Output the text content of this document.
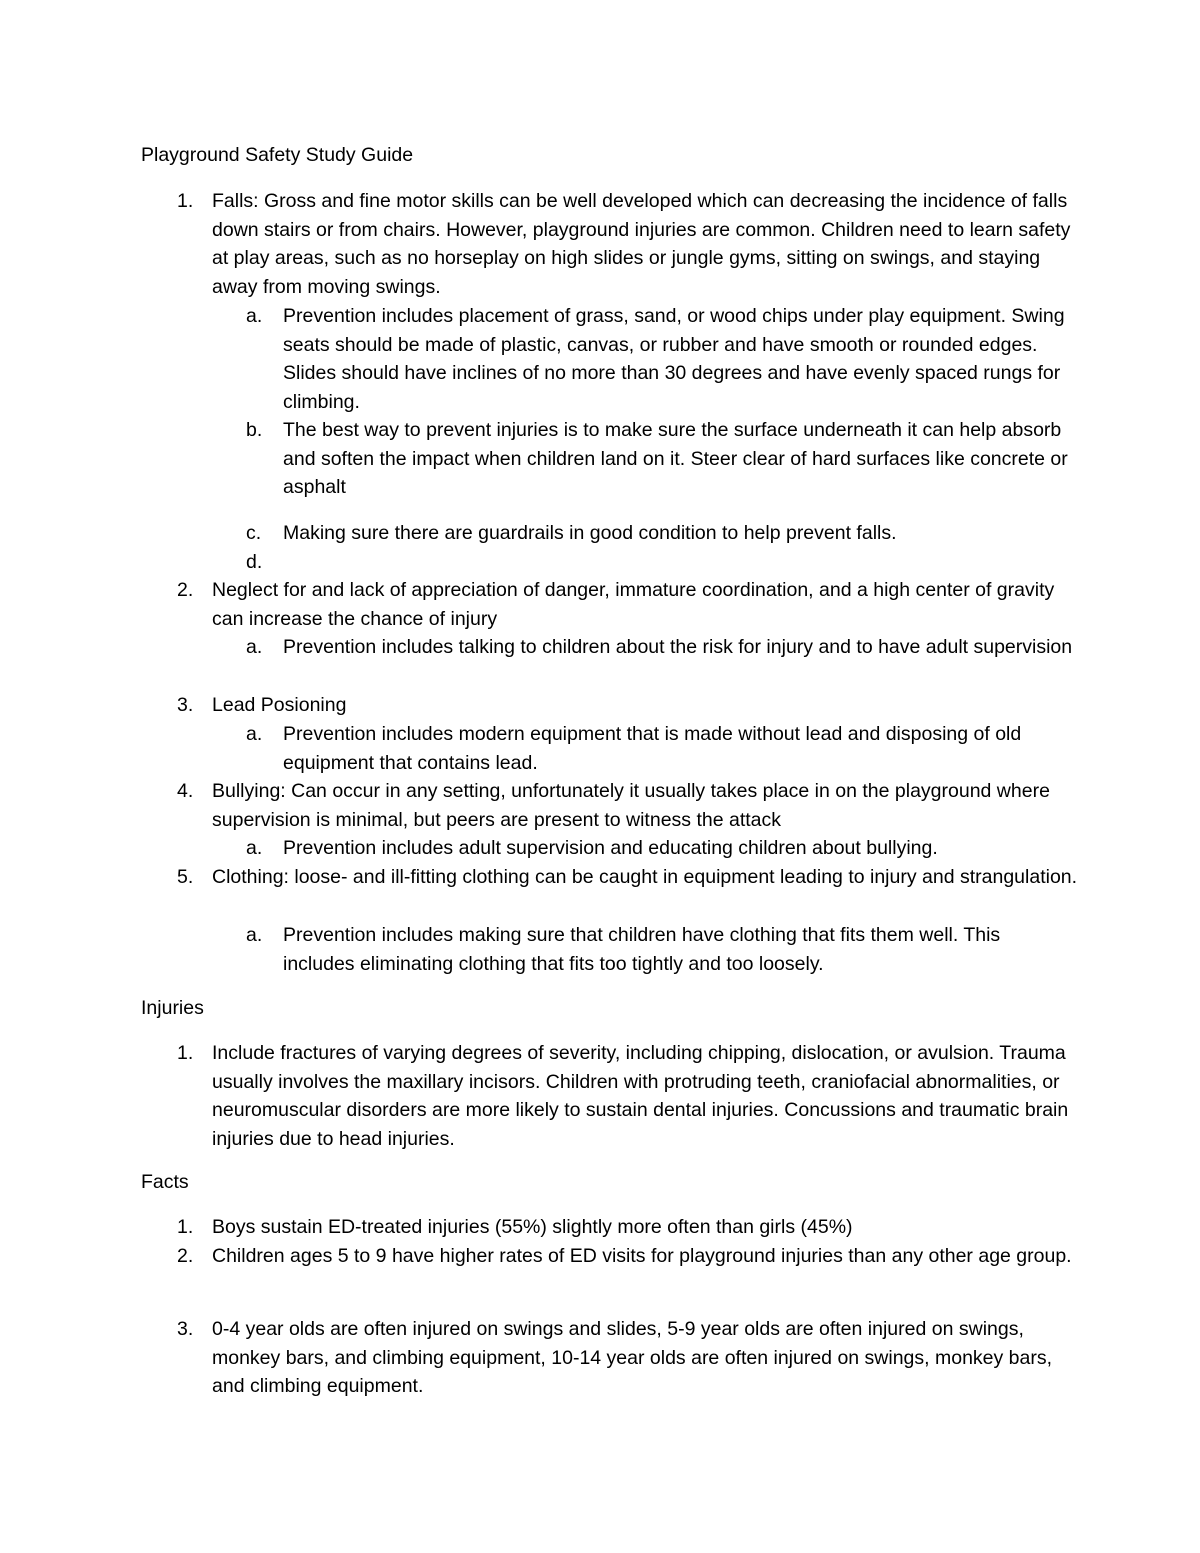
Playground Safety Study Guide
1. Falls: Gross and fine motor skills can be well developed which can decreasing the incidence of falls down stairs or from chairs. However, playground injuries are common. Children need to learn safety at play areas, such as no horseplay on high slides or jungle gyms, sitting on swings, and staying away from moving swings.
a.	Prevention includes placement of grass, sand, or wood chips under play equipment. Swing seats should be made of plastic, canvas, or rubber and have smooth or rounded edges. Slides should have inclines of no more than 30 degrees and have evenly spaced rungs for climbing.
b.	The best way to prevent injuries is to make sure the surface underneath it can help absorb and soften the impact when children land on it. Steer clear of hard surfaces like concrete or asphalt
c.	Making sure there are guardrails in good condition to help prevent falls.
d.
2. Neglect for and lack of appreciation of danger, immature coordination, and a high center of gravity can increase the chance of injury
a.	Prevention includes talking to children about the risk for injury and to have adult supervision
3. Lead Posioning
a.	Prevention includes modern equipment that is made without lead and disposing of old equipment that contains lead.
4. Bullying: Can occur in any setting, unfortunately it usually takes place in on the playground where supervision is minimal, but peers are present to witness the attack
a.	Prevention includes adult supervision and educating children about bullying.
5. Clothing: loose- and ill-fitting clothing can be caught in equipment leading to injury and strangulation.
a.	Prevention includes making sure that children have clothing that fits them well. This includes eliminating clothing that fits too tightly and too loosely.
Injuries
1. Include fractures of varying degrees of severity, including chipping, dislocation, or avulsion. Trauma usually involves the maxillary incisors. Children with protruding teeth, craniofacial abnormalities, or neuromuscular disorders are more likely to sustain dental injuries. Concussions and traumatic brain injuries due to head injuries.
Facts
1. Boys sustain ED-treated injuries (55%) slightly more often than girls (45%)
2. Children ages 5 to 9 have higher rates of ED visits for playground injuries than any other age group.
3. 0-4 year olds are often injured on swings and slides, 5-9 year olds are often injured on swings, monkey bars, and climbing equipment, 10-14 year olds are often injured on swings, monkey bars, and climbing equipment.
